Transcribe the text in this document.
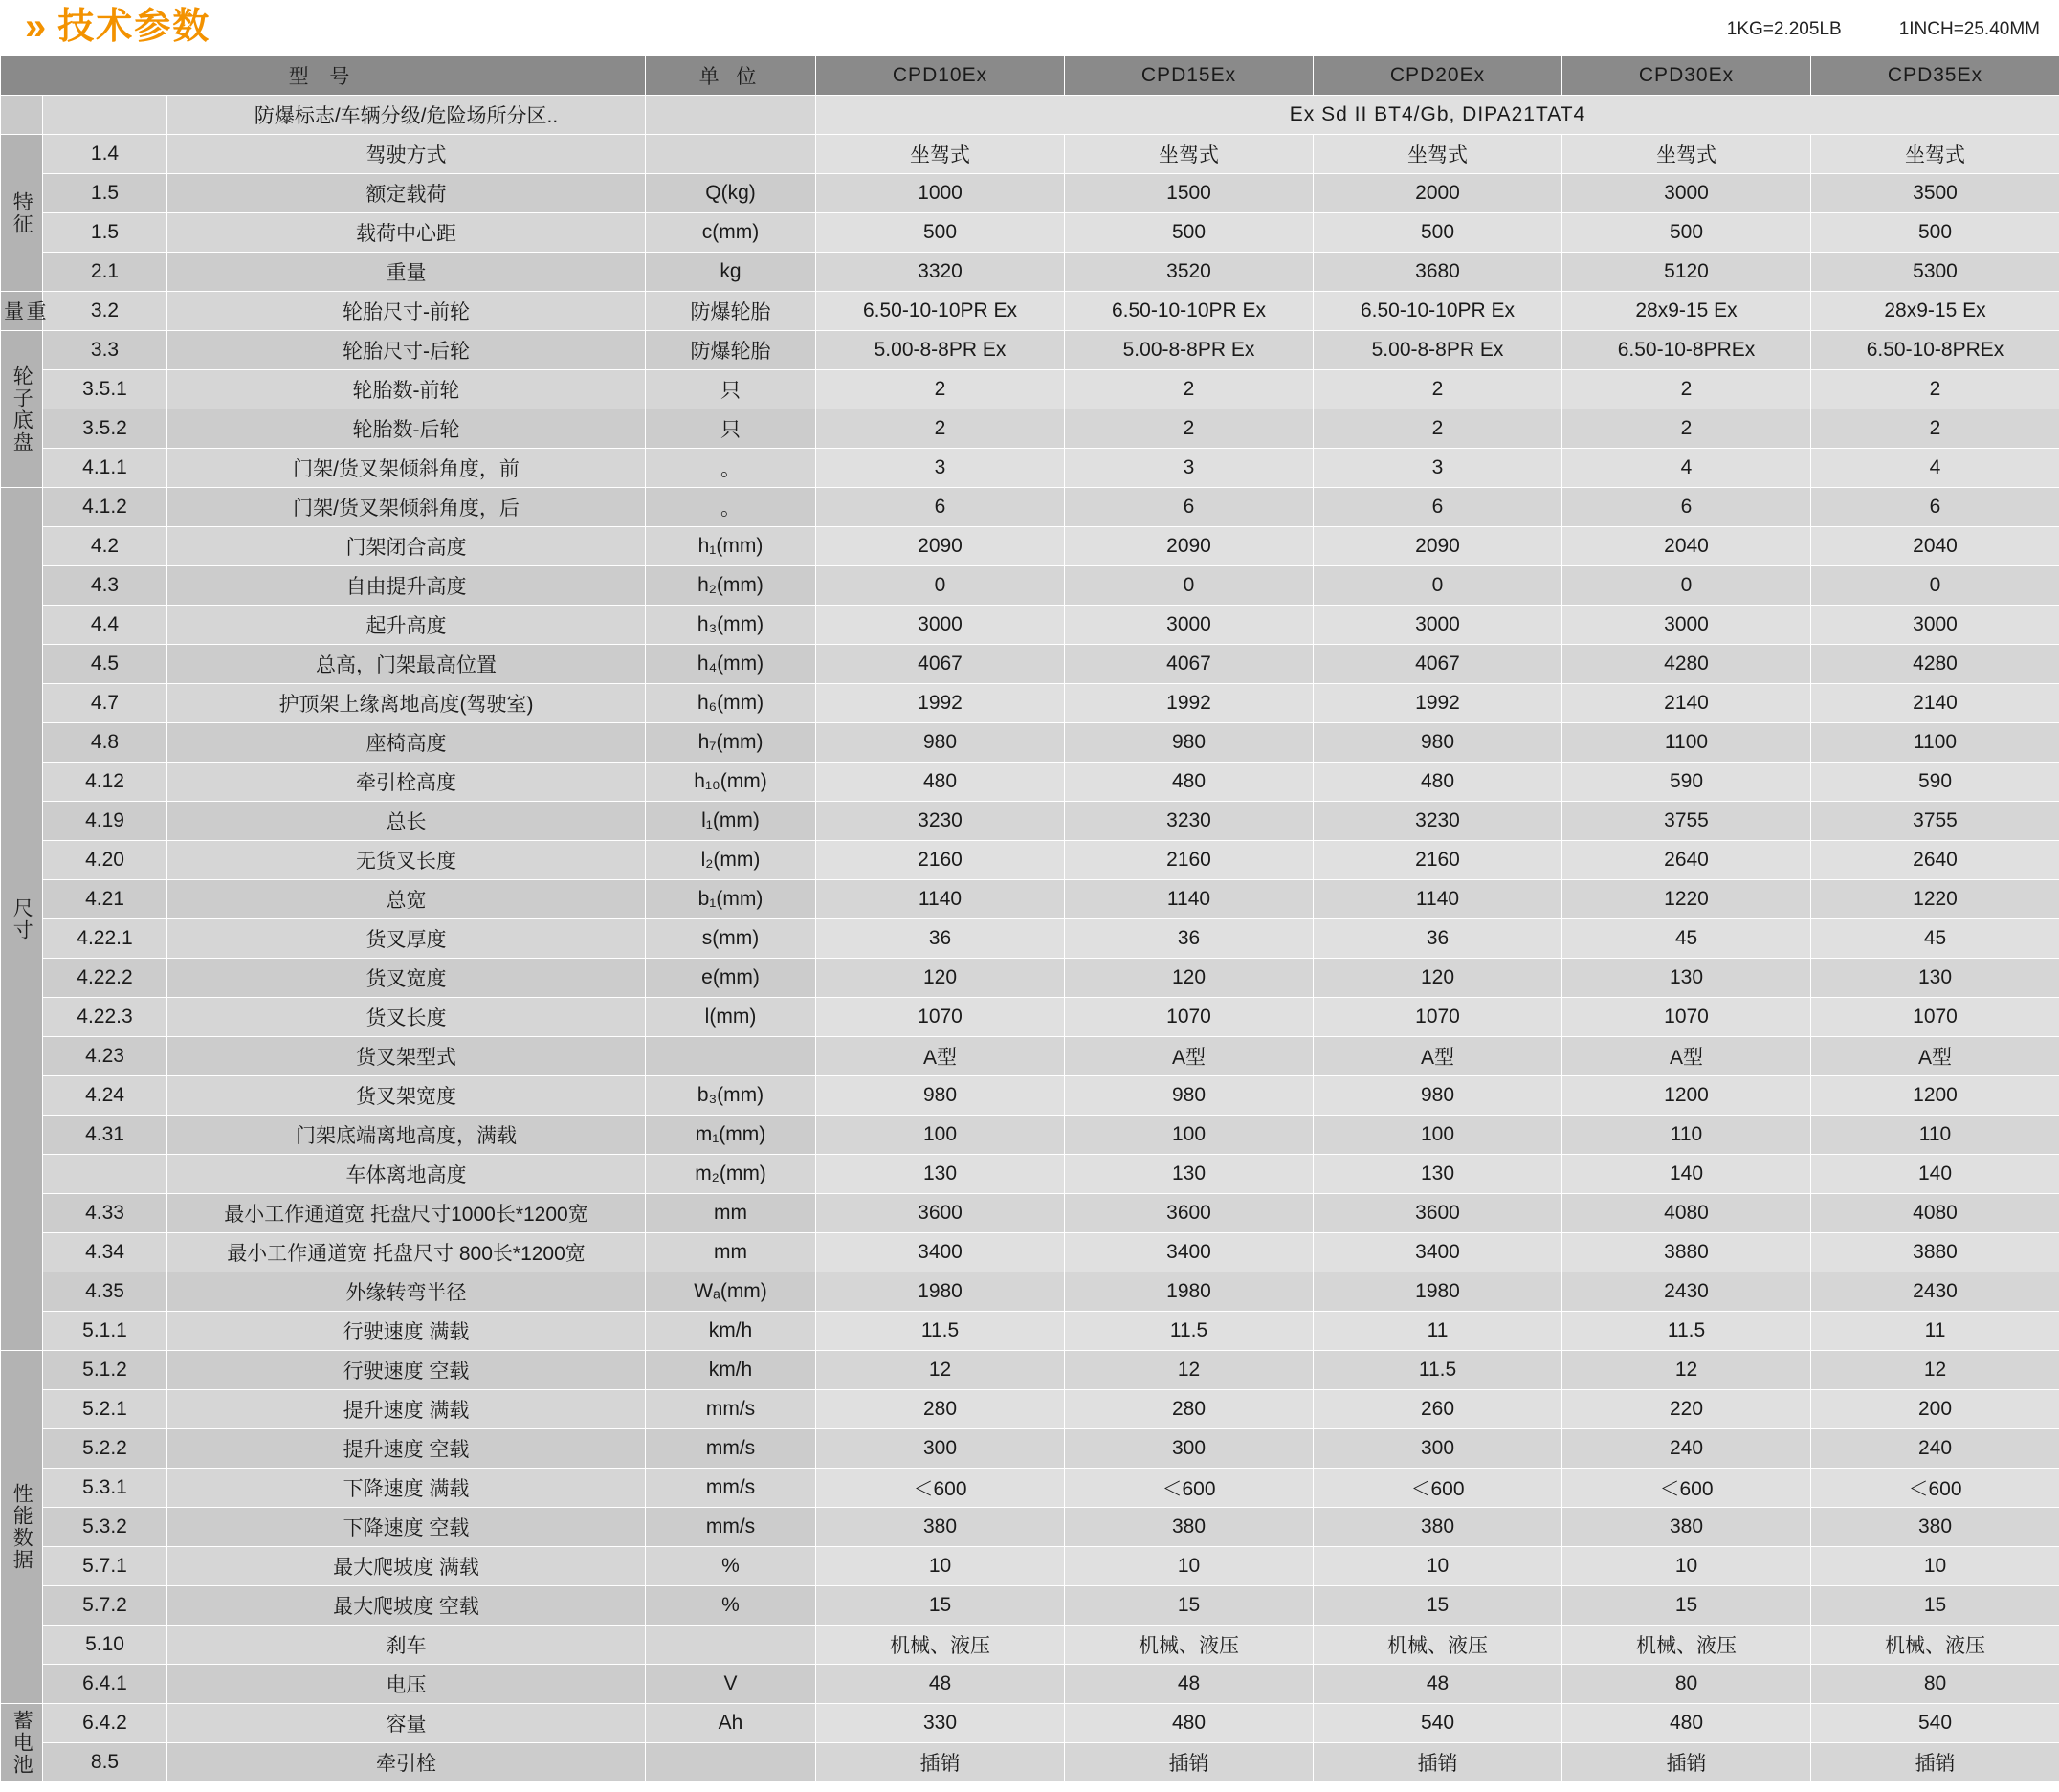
» 技术参数	1KG=2.205LB	1INCH=25.40MM
型 号			单 位	CPD10Ex	CPD15Ex	CPD20Ex	CPD30Ex	CPD35Ex
		防爆标志/车辆分级/危险场所分区..		Ex Sd II BT4/Gb, DIPA21TAT4				

特征	1.4	驾驶方式		坐驾式	坐驾式	坐驾式	坐驾式	坐驾式
	1.5	额定载荷	Q(kg)	1000	1500	2000	3000	3500
	1.5	载荷中心距	c(mm)	500	500	500	500	500
	2.1	重量	kg	3320	3520	3680	5120	5300

重量	3.2	轮胎尺寸-前轮	防爆轮胎	6.50-10-10PR Ex	6.50-10-10PR Ex	6.50-10-10PR Ex	28x9-15 Ex	28x9-15 Ex

轮子底盘	3.3	轮胎尺寸-后轮	防爆轮胎	5.00-8-8PR Ex	5.00-8-8PR Ex	5.00-8-8PR Ex	6.50-10-8PREx	6.50-10-8PREx
	3.5.1	轮胎数-前轮	只	2	2	2	2	2
	3.5.2	轮胎数-后轮	只	2	2	2	2	2
	4.1.1	门架/货叉架倾斜角度，前	。	3	3	3	4	4

尺寸	4.1.2	门架/货叉架倾斜角度，后	。	6	6	6	6	6
	4.2	门架闭合高度	h₁(mm)	2090	2090	2090	2040	2040
	4.3	自由提升高度	h₂(mm)	0	0	0	0	0
	4.4	起升高度	h₃(mm)	3000	3000	3000	3000	3000
	4.5	总高，门架最高位置	h₄(mm)	4067	4067	4067	4280	4280
	4.7	护顶架上缘离地高度(驾驶室)	h₆(mm)	1992	1992	1992	2140	2140
	4.8	座椅高度	h₇(mm)	980	980	980	1100	1100
	4.12	牵引栓高度	h₁₀(mm)	480	480	480	590	590
	4.19	总长	l₁(mm)	3230	3230	3230	3755	3755
	4.20	无货叉长度	l₂(mm)	2160	2160	2160	2640	2640
	4.21	总宽	b₁(mm)	1140	1140	1140	1220	1220
	4.22.1	货叉厚度	s(mm)	36	36	36	45	45
	4.22.2	货叉宽度	e(mm)	120	120	120	130	130
	4.22.3	货叉长度	l(mm)	1070	1070	1070	1070	1070
	4.23	货叉架型式		A型	A型	A型	A型	A型
	4.24	货叉架宽度	b₃(mm)	980	980	980	1200	1200
	4.31	门架底端离地高度，满载	m₁(mm)	100	100	100	110	110
		车体离地高度	m₂(mm)	130	130	130	140	140
	4.33	最小工作通道宽 托盘尺寸1000长*1200宽	mm	3600	3600	3600	4080	4080
	4.34	最小工作通道宽 托盘尺寸 800长*1200宽	mm	3400	3400	3400	3880	3880
	4.35	外缘转弯半径	Wₐ(mm)	1980	1980	1980	2430	2430
	5.1.1	行驶速度 满载	km/h	11.5	11.5	11	11.5	11

性能数据	5.1.2	行驶速度 空载	km/h	12	12	11.5	12	12
	5.2.1	提升速度 满载	mm/s	280	280	260	220	200
	5.2.2	提升速度 空载	mm/s	300	300	300	240	240
	5.3.1	下降速度 满载	mm/s	＜600	＜600	＜600	＜600	＜600
	5.3.2	下降速度 空载	mm/s	380	380	380	380	380
	5.7.1	最大爬坡度 满载	%	10	10	10	10	10
	5.7.2	最大爬坡度 空载	%	15	15	15	15	15
	5.10	刹车		机械、液压	机械、液压	机械、液压	机械、液压	机械、液压
	6.4.1	电压	V	48	48	48	80	80

蓄电池	6.4.2	容量	Ah	330	480	540	480	540
	8.5	牵引栓		插销	插销	插销	插销	插销
